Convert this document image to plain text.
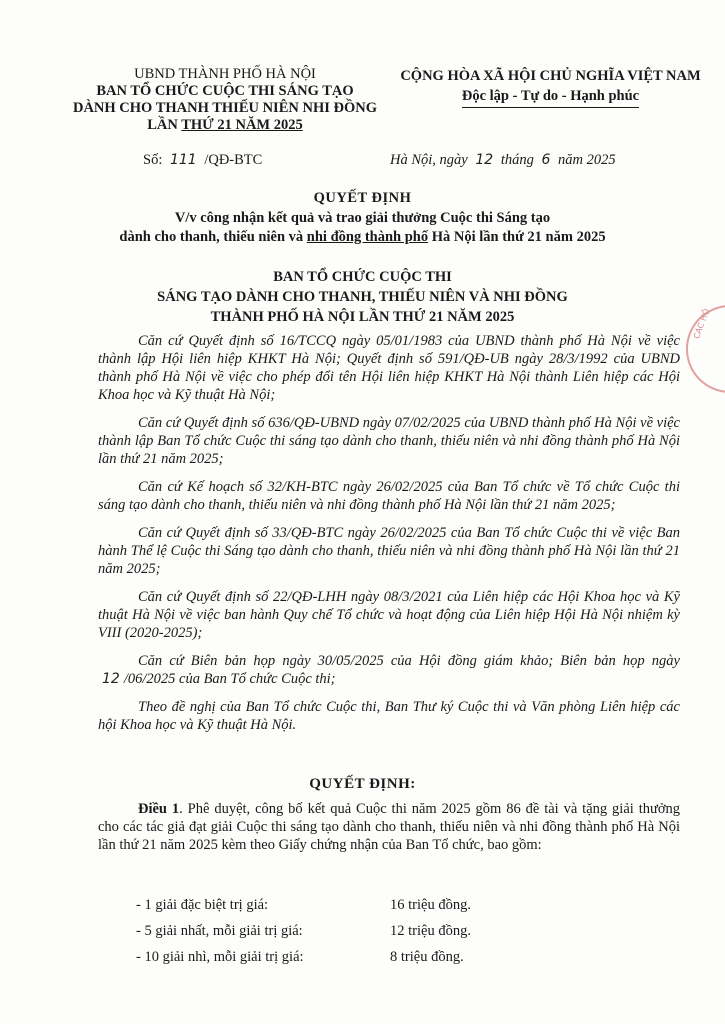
UBND THÀNH PHỐ HÀ NỘI
BAN TỔ CHỨC CUỘC THI SÁNG TẠO
DÀNH CHO THANH THIẾU NIÊN NHI ĐỒNG
LẦN THỨ 21 NĂM 2025
CỘNG HÒA XÃ HỘI CHỦ NGHĨA VIỆT NAM
Độc lập - Tự do - Hạnh phúc
Số: 111 /QĐ-BTC	Hà Nội, ngày 12 tháng 6 năm 2025
QUYẾT ĐỊNH
V/v công nhận kết quả và trao giải thưởng Cuộc thi Sáng tạo
dành cho thanh, thiếu niên và nhi đồng thành phố Hà Nội lần thứ 21 năm 2025
BAN TỔ CHỨC CUỘC THI
SÁNG TẠO DÀNH CHO THANH, THIẾU NIÊN VÀ NHI ĐỒNG
THÀNH PHỐ HÀ NỘI LẦN THỨ 21 NĂM 2025

Căn cứ Quyết định số 16/TCCQ ngày 05/01/1983 của UBND thành phố Hà Nội về việc thành lập Hội liên hiệp KHKT Hà Nội; Quyết định số 591/QĐ-UB ngày 28/3/1992 của UBND thành phố Hà Nội về việc cho phép đổi tên Hội liên hiệp KHKT Hà Nội thành Liên hiệp các Hội Khoa học và Kỹ thuật Hà Nội;

Căn cứ Quyết định số 636/QĐ-UBND ngày 07/02/2025 của UBND thành phố Hà Nội về việc thành lập Ban Tổ chức Cuộc thi sáng tạo dành cho thanh, thiếu niên và nhi đồng thành phố Hà Nội lần thứ 21 năm 2025;

Căn cứ Kế hoạch số 32/KH-BTC ngày 26/02/2025 của Ban Tổ chức về Tổ chức Cuộc thi sáng tạo dành cho thanh, thiếu niên và nhi đồng thành phố Hà Nội lần thứ 21 năm 2025;

Căn cứ Quyết định số 33/QĐ-BTC ngày 26/02/2025 của Ban Tổ chức Cuộc thi về việc Ban hành Thể lệ Cuộc thi Sáng tạo dành cho thanh, thiếu niên và nhi đồng thành phố Hà Nội lần thứ 21 năm 2025;

Căn cứ Quyết định số 22/QĐ-LHH ngày 08/3/2021 của Liên hiệp các Hội Khoa học và Kỹ thuật Hà Nội về việc ban hành Quy chế Tổ chức và hoạt động của Liên hiệp Hội Hà Nội nhiệm kỳ VIII (2020-2025);

Căn cứ Biên bản họp ngày 30/05/2025 của Hội đồng giám khảo; Biên bản họp ngày 12 /06/2025 của Ban Tổ chức Cuộc thi;

Theo đề nghị của Ban Tổ chức Cuộc thi, Ban Thư ký Cuộc thi và Văn phòng Liên hiệp các hội Khoa học và Kỹ thuật Hà Nội.

QUYẾT ĐỊNH:

Điều 1. Phê duyệt, công bố kết quả Cuộc thi năm 2025 gồm 86 đề tài và tặng giải thưởng cho các tác giả đạt giải Cuộc thi sáng tạo dành cho thanh, thiếu niên và nhi đồng thành phố Hà Nội lần thứ 21 năm 2025 kèm theo Giấy chứng nhận của Ban Tổ chức, bao gồm:

- 1 giải đặc biệt trị giá:	16 triệu đồng.
- 5 giải nhất, mỗi giải trị giá:	12 triệu đồng.
- 10 giải nhì, mỗi giải trị giá:	8 triệu đồng.
CÁC HỘ
